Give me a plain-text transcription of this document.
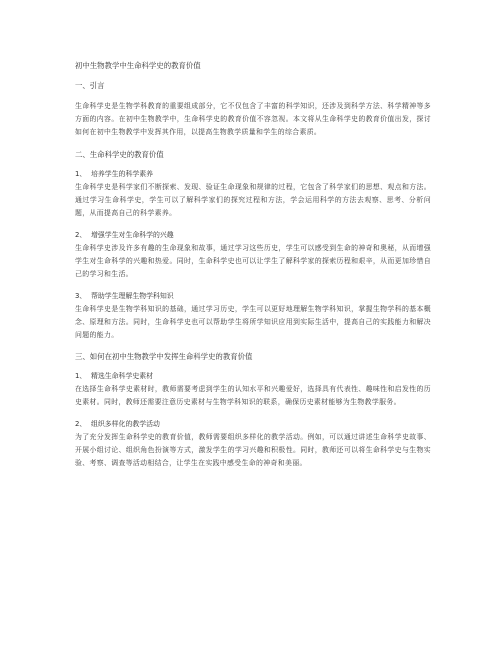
初中生物教学中生命科学史的教育价值
一、引言
生命科学史是生物学科教育的重要组成部分，它不仅包含了丰富的科学知识，还涉及到科学方法、科学精神等多方面的内容。在初中生物教学中，生命科学史的教育价值不容忽视。本文将从生命科学史的教育价值出发，探讨如何在初中生物教学中发挥其作用，以提高生物教学质量和学生的综合素质。
二、生命科学史的教育价值
1、 培养学生的科学素养
生命科学史是科学家们不断探索、发现、验证生命现象和规律的过程，它包含了科学家们的思想、观点和方法。通过学习生命科学史，学生可以了解科学家们的探究过程和方法，学会运用科学的方法去观察、思考、分析问题，从而提高自己的科学素养。
2、 增强学生对生命科学的兴趣
生命科学史涉及许多有趣的生命现象和故事，通过学习这些历史，学生可以感受到生命的神奇和奥秘，从而增强学生对生命科学的兴趣和热爱。同时，生命科学史也可以让学生了解科学家的探索历程和艰辛，从而更加珍惜自己的学习和生活。
3、 帮助学生理解生物学科知识
生命科学史是生物学科知识的基础，通过学习历史，学生可以更好地理解生物学科知识，掌握生物学科的基本概念、原理和方法。同时，生命科学史也可以帮助学生将所学知识应用到实际生活中，提高自己的实践能力和解决问题的能力。
三、如何在初中生物教学中发挥生命科学史的教育价值
1、 精选生命科学史素材
在选择生命科学史素材时，教师需要考虑到学生的认知水平和兴趣爱好，选择具有代表性、趣味性和启发性的历史素材。同时，教师还需要注意历史素材与生物学科知识的联系，确保历史素材能够为生物教学服务。
2、 组织多样化的教学活动
为了充分发挥生命科学史的教育价值，教师需要组织多样化的教学活动。例如，可以通过讲述生命科学史故事、开展小组讨论、组织角色扮演等方式，激发学生的学习兴趣和积极性。同时，教师还可以将生命科学史与生物实验、考察、调查等活动相结合，让学生在实践中感受生命的神奇和美丽。
